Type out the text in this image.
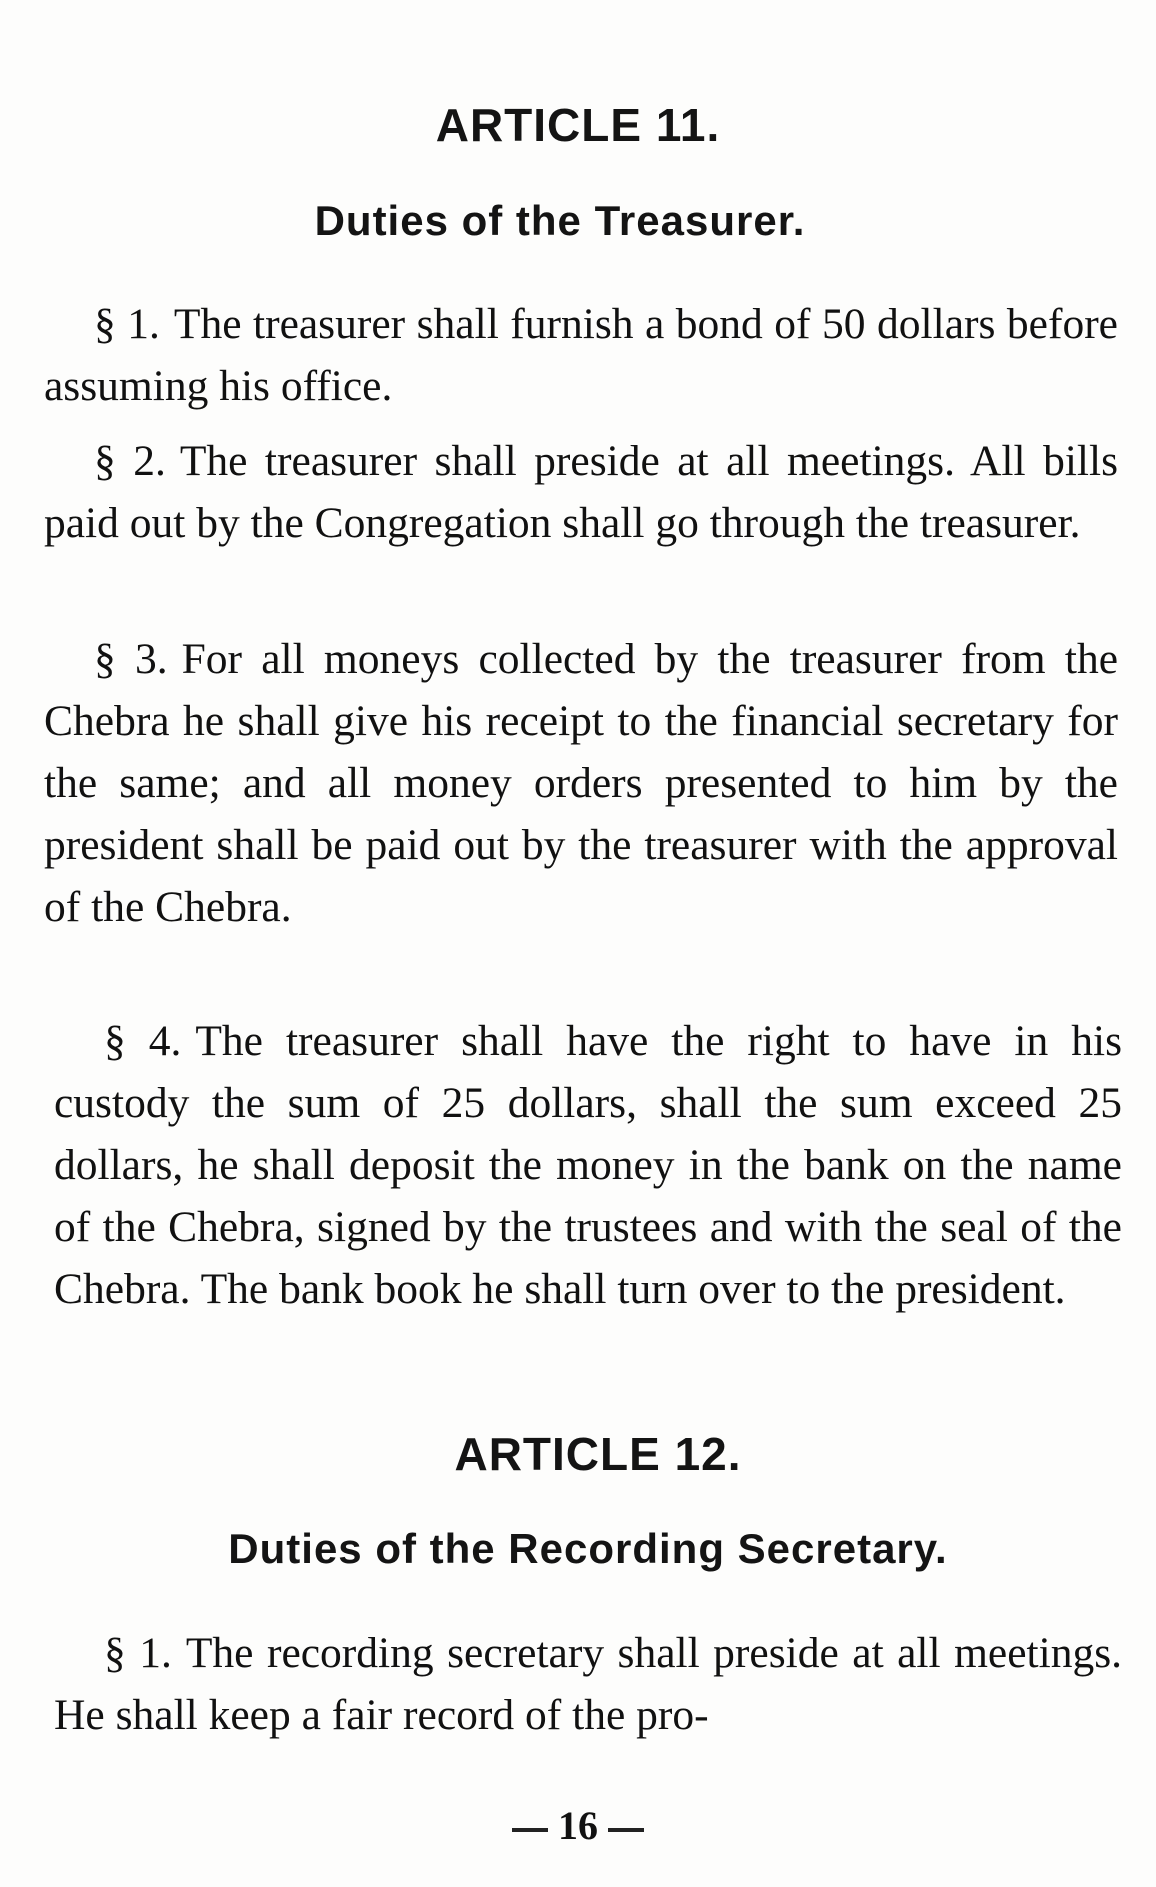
ARTICLE 11.
Duties of the Treasurer.
§ 1. The treasurer shall furnish a bond of 50 dollars before assuming his office.
§ 2. The treasurer shall preside at all meetings. All bills paid out by the Congregation shall go through the treasurer.
§ 3. For all moneys collected by the treasurer from the Chebra he shall give his receipt to the financial secretary for the same; and all money orders presented to him by the president shall be paid out by the treasurer with the approval of the Chebra.
§ 4. The treasurer shall have the right to have in his custody the sum of 25 dollars, shall the sum exceed 25 dollars, he shall deposit the money in the bank on the name of the Chebra, signed by the trustees and with the seal of the Chebra. The bank book he shall turn over to the president.
ARTICLE 12.
Duties of the Recording Secretary.
§ 1. The recording secretary shall preside at all meetings. He shall keep a fair record of the pro-
16
